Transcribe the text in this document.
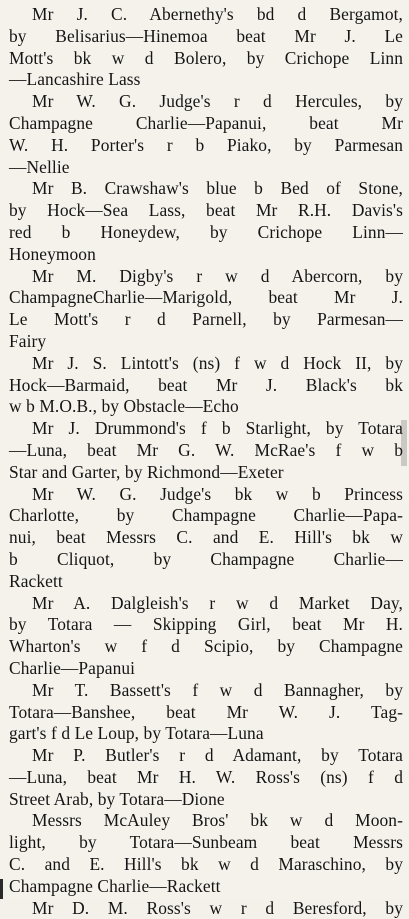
Mr J. C. Abernethy's bd d Bergamot,
by Belisarius—Hinemoa beat Mr J. Le
Mott's bk w d Bolero, by Crichope Linn
—Lancashire Lass
Mr W. G. Judge's r d Hercules, by
Champagne Charlie—Papanui, beat Mr
W. H. Porter's r b Piako, by Parmesan
—Nellie
Mr B. Crawshaw's blue b Bed of Stone,
by Hock—Sea Lass, beat Mr R.H. Davis's
red b Honeydew, by Crichope Linn—
Honeymoon
Mr M. Digby's r w d Abercorn, by
ChampagneCharlie—Marigold, beat Mr J.
Le Mott's r d Parnell, by Parmesan—
Fairy
Mr J. S. Lintott's (ns) f w d Hock II, by
Hock—Barmaid, beat Mr J. Black's bk
w b M.O.B., by Obstacle—Echo
Mr J. Drummond's f b Starlight, by Totara
—Luna, beat Mr G. W. McRae's f w b
Star and Garter, by Richmond—Exeter
Mr W. G. Judge's bk w b Princess
Charlotte, by Champagne Charlie—Papa-
nui, beat Messrs C. and E. Hill's bk w
b Cliquot, by Champagne Charlie—
Rackett
Mr A. Dalgleish's r w d Market Day,
by Totara — Skipping Girl, beat Mr H.
Wharton's w f d Scipio, by Champagne
Charlie—Papanui
Mr T. Bassett's f w d Bannagher, by
Totara—Banshee, beat Mr W. J. Tag-
gart's f d Le Loup, by Totara—Luna
Mr P. Butler's r d Adamant, by Totara
—Luna, beat Mr H. W. Ross's (ns) f d
Street Arab, by Totara—Dione
Messrs McAuley Bros' bk w d Moon-
light, by Totara—Sunbeam beat Messrs
C. and E. Hill's bk w d Maraschino, by
Champagne Charlie—Rackett
Mr D. M. Ross's w r d Beresford, by
